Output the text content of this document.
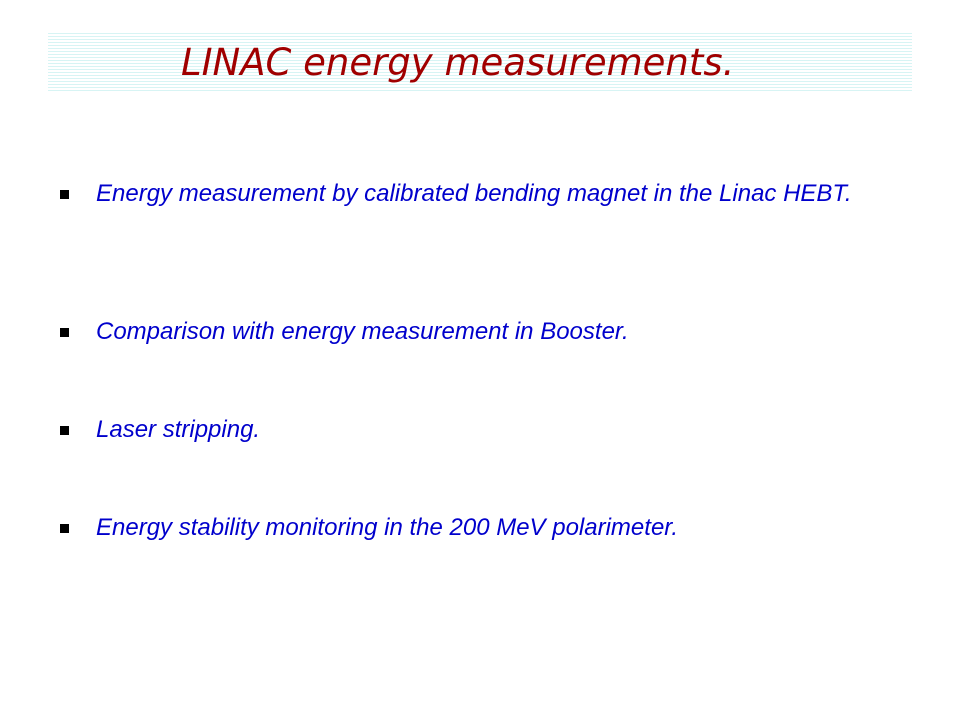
LINAC energy measurements.
Energy measurement by calibrated bending magnet in the Linac HEBT.
Comparison with energy measurement in Booster.
Laser stripping.
Energy stability monitoring in the 200 MeV polarimeter.
